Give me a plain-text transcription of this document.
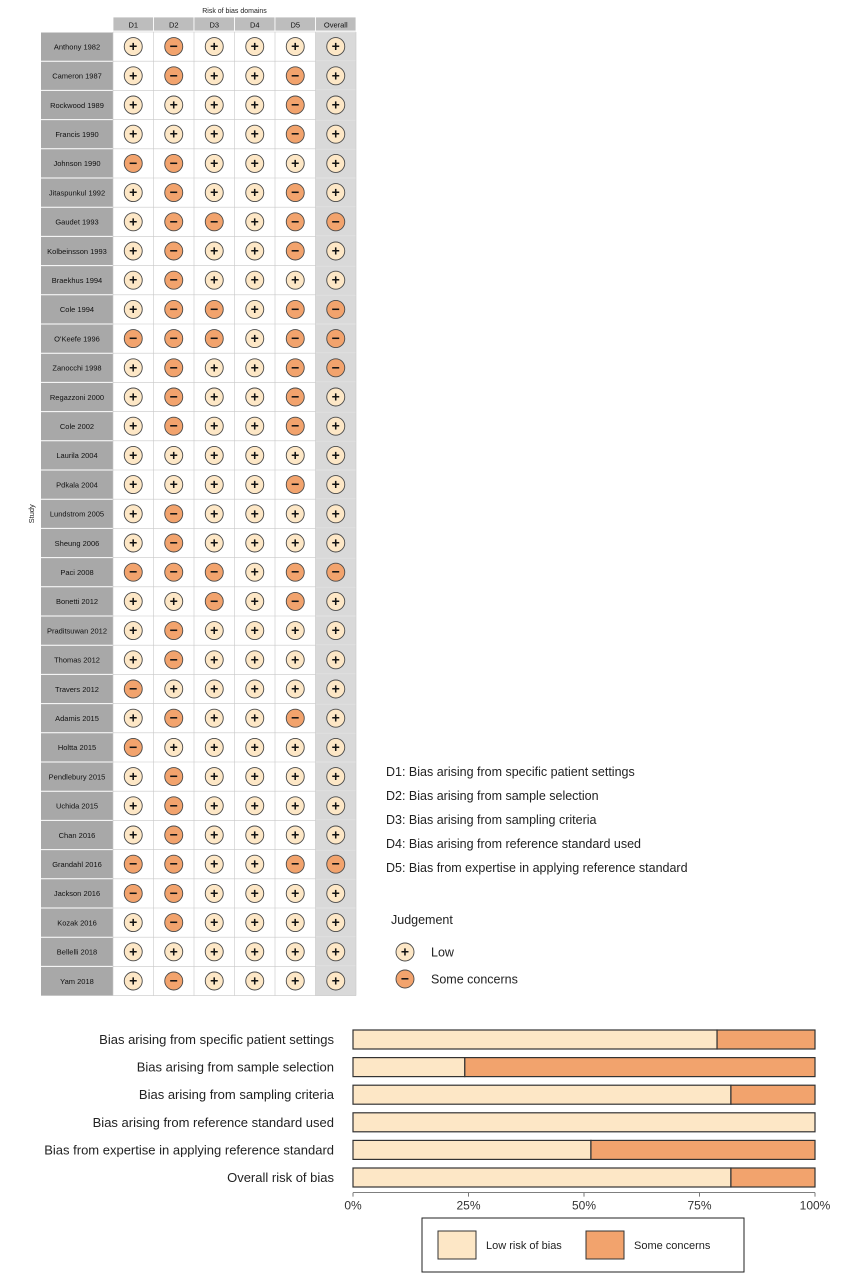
Risk of bias domains
D1	D2	D3	D4	D5	Overall
Study
Anthony 1982 + − + + + +
Cameron 1987 + − + + − +
Rockwood 1989 + + + + − +
Francis 1990 + + + + − +
Johnson 1990 − − + + + +
Jitaspunkul 1992 + − + + − +
Gaudet 1993 + − − + − −
Kolbeinsson 1993 + − + + − +
Braekhus 1994 + − + + + +
Cole 1994	+ − − + − −
O'Keefe 1996 − − − + − −
Zanocchi 1998 + − + + − −
Regazzoni 2000 + − + + − +
Cole 2002	+ − + + − +
Laurila 2004 + + + + + +
Pdkala 2004 + + + + − +
Lundstrom 2005 + − + + + +
Sheung 2006 + − + + + +
Paci 2008	− − − + − −
Bonetti 2012 + + − + − +
Praditsuwan 2012 + − + + + +
Thomas 2012 + − + + + +
Travers 2012 − + + + + +
Adamis 2015 + − + + − +
Holtta 2015 − + + + + +
Pendlebury 2015 + − + + + +
Uchida 2015 + − + + + +
Chan 2016 + − + + + +
Grandahl 2016 − − + + − −
Jackson 2016 − − + + + +
Kozak 2016 + − + + + +
Bellelli 2018 + + + + + +
Yam 2018	+ − + + + +
D1: Bias arising from specific patient settings
D2: Bias arising from sample selection
D3: Bias arising from sampling criteria
D4: Bias arising from reference standard used
D5: Bias from expertise in applying reference standard
Judgement
+ Low
− Some concerns
Bias arising from specific patient settings
Bias arising from sample selection
Bias arising from sampling criteria
Bias arising from reference standard used
Bias from expertise in applying reference standard
Overall risk of bias
0%	25%	50%	75%	100%
Low risk of bias	Some concerns
